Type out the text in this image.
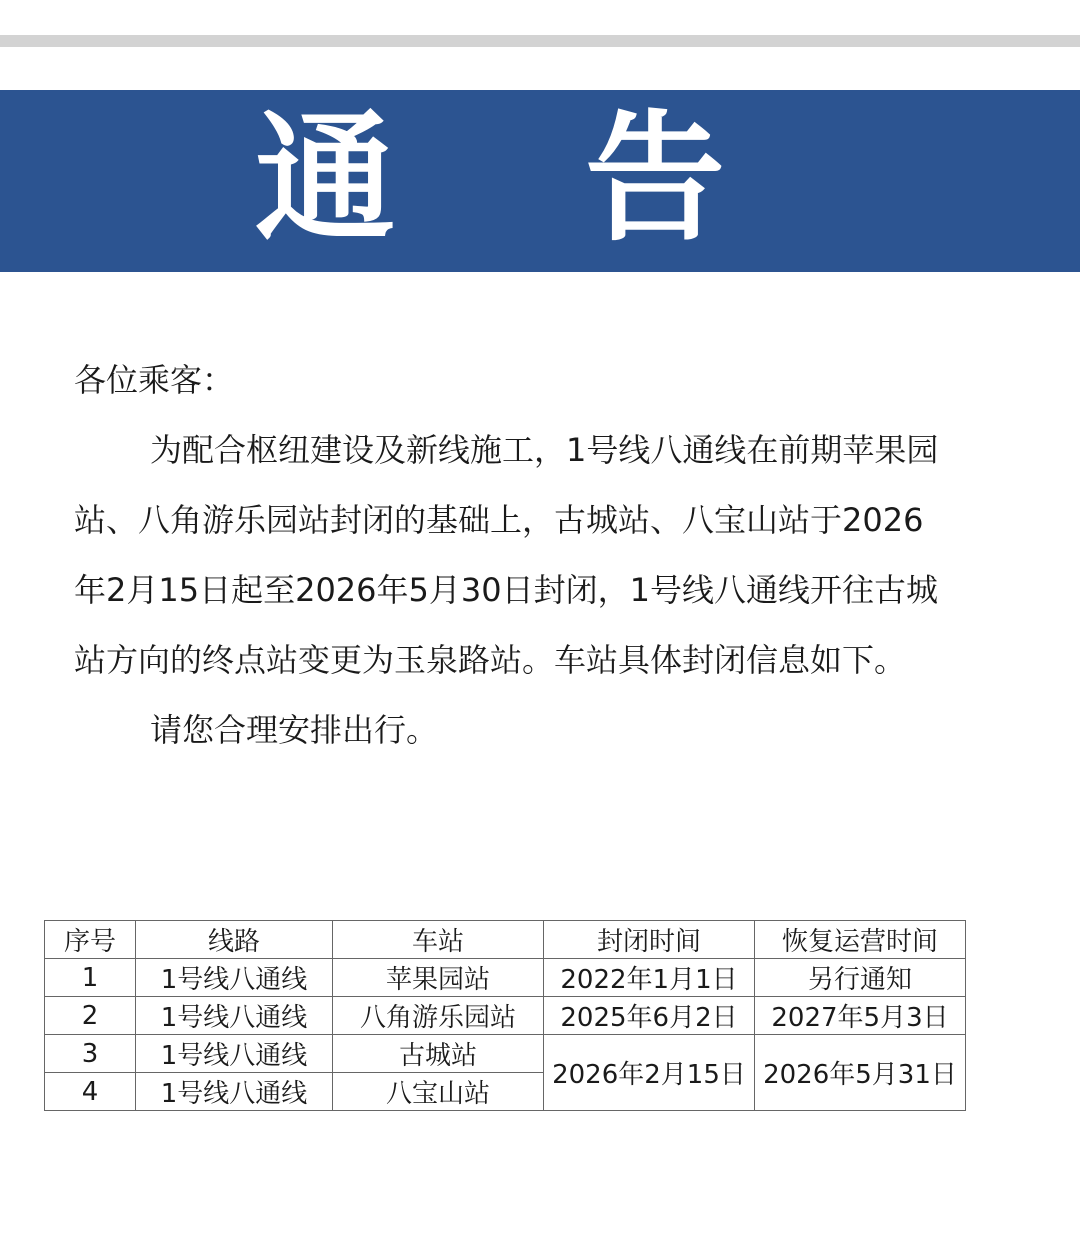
通 告

各位乘客：

为配合枢纽建设及新线施工，1号线八通线在前期苹果园站、八角游乐园站封闭的基础上，古城站、八宝山站于2026年2月15日起至2026年5月30日封闭，1号线八通线开往古城站方向的终点站变更为玉泉路站。车站具体封闭信息如下。

请您合理安排出行。

序号	线路	车站	封闭时间	恢复运营时间
1	1号线八通线	苹果园站	2022年1月1日	另行通知
2	1号线八通线	八角游乐园站	2025年6月2日	2027年5月3日
3	1号线八通线	古城站	2026年2月15日	2026年5月31日
4	1号线八通线	八宝山站		
